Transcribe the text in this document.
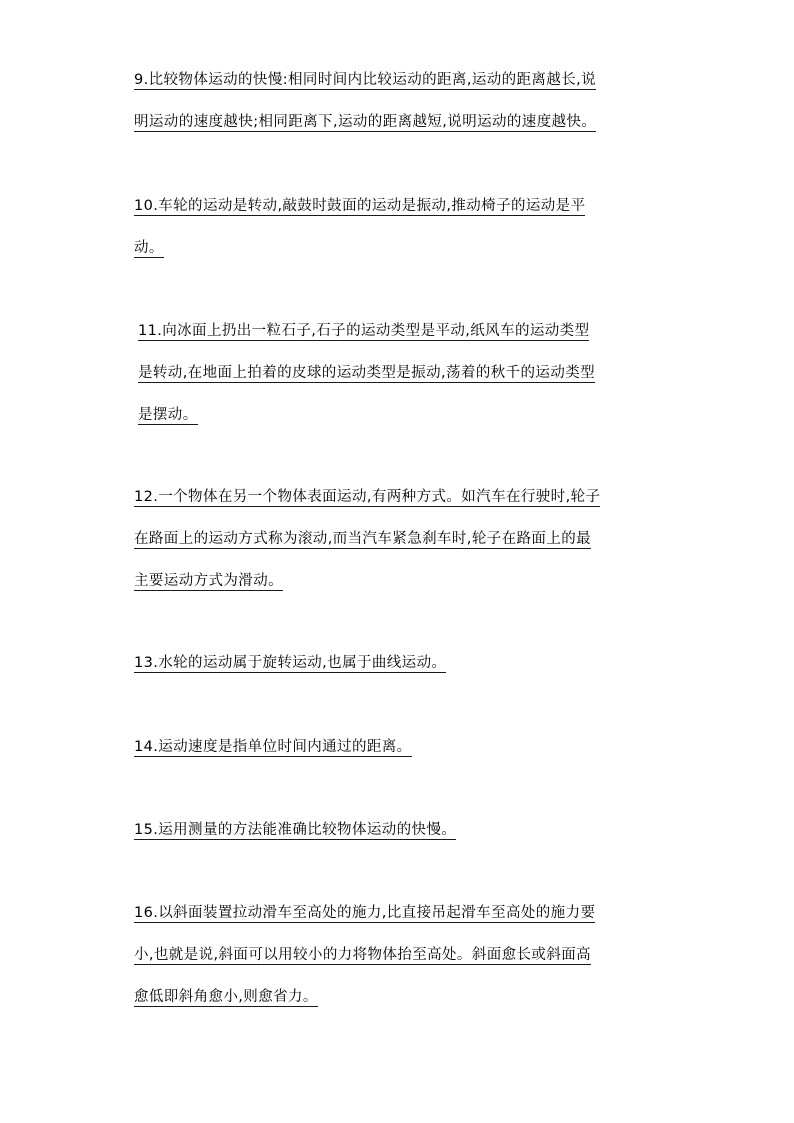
9.比较物体运动的快慢:相同时间内比较运动的距离,运动的距离越长,说
明运动的速度越快;相同距离下,运动的距离越短,说明运动的速度越快。
10.车轮的运动是转动,敲鼓时鼓面的运动是振动,推动椅子的运动是平
动。
11.向冰面上扔出一粒石子,石子的运动类型是平动,纸风车的运动类型
是转动,在地面上拍着的皮球的运动类型是振动,荡着的秋千的运动类型
是摆动。
12.一个物体在另一个物体表面运动,有两种方式。如汽车在行驶时,轮子
在路面上的运动方式称为滚动,而当汽车紧急刹车时,轮子在路面上的最
主要运动方式为滑动。
13.水轮的运动属于旋转运动,也属于曲线运动。
14.运动速度是指单位时间内通过的距离。
15.运用测量的方法能准确比较物体运动的快慢。
16.以斜面装置拉动滑车至高处的施力,比直接吊起滑车至高处的施力要
小,也就是说,斜面可以用较小的力将物体抬至高处。斜面愈长或斜面高
愈低即斜角愈小,则愈省力。
